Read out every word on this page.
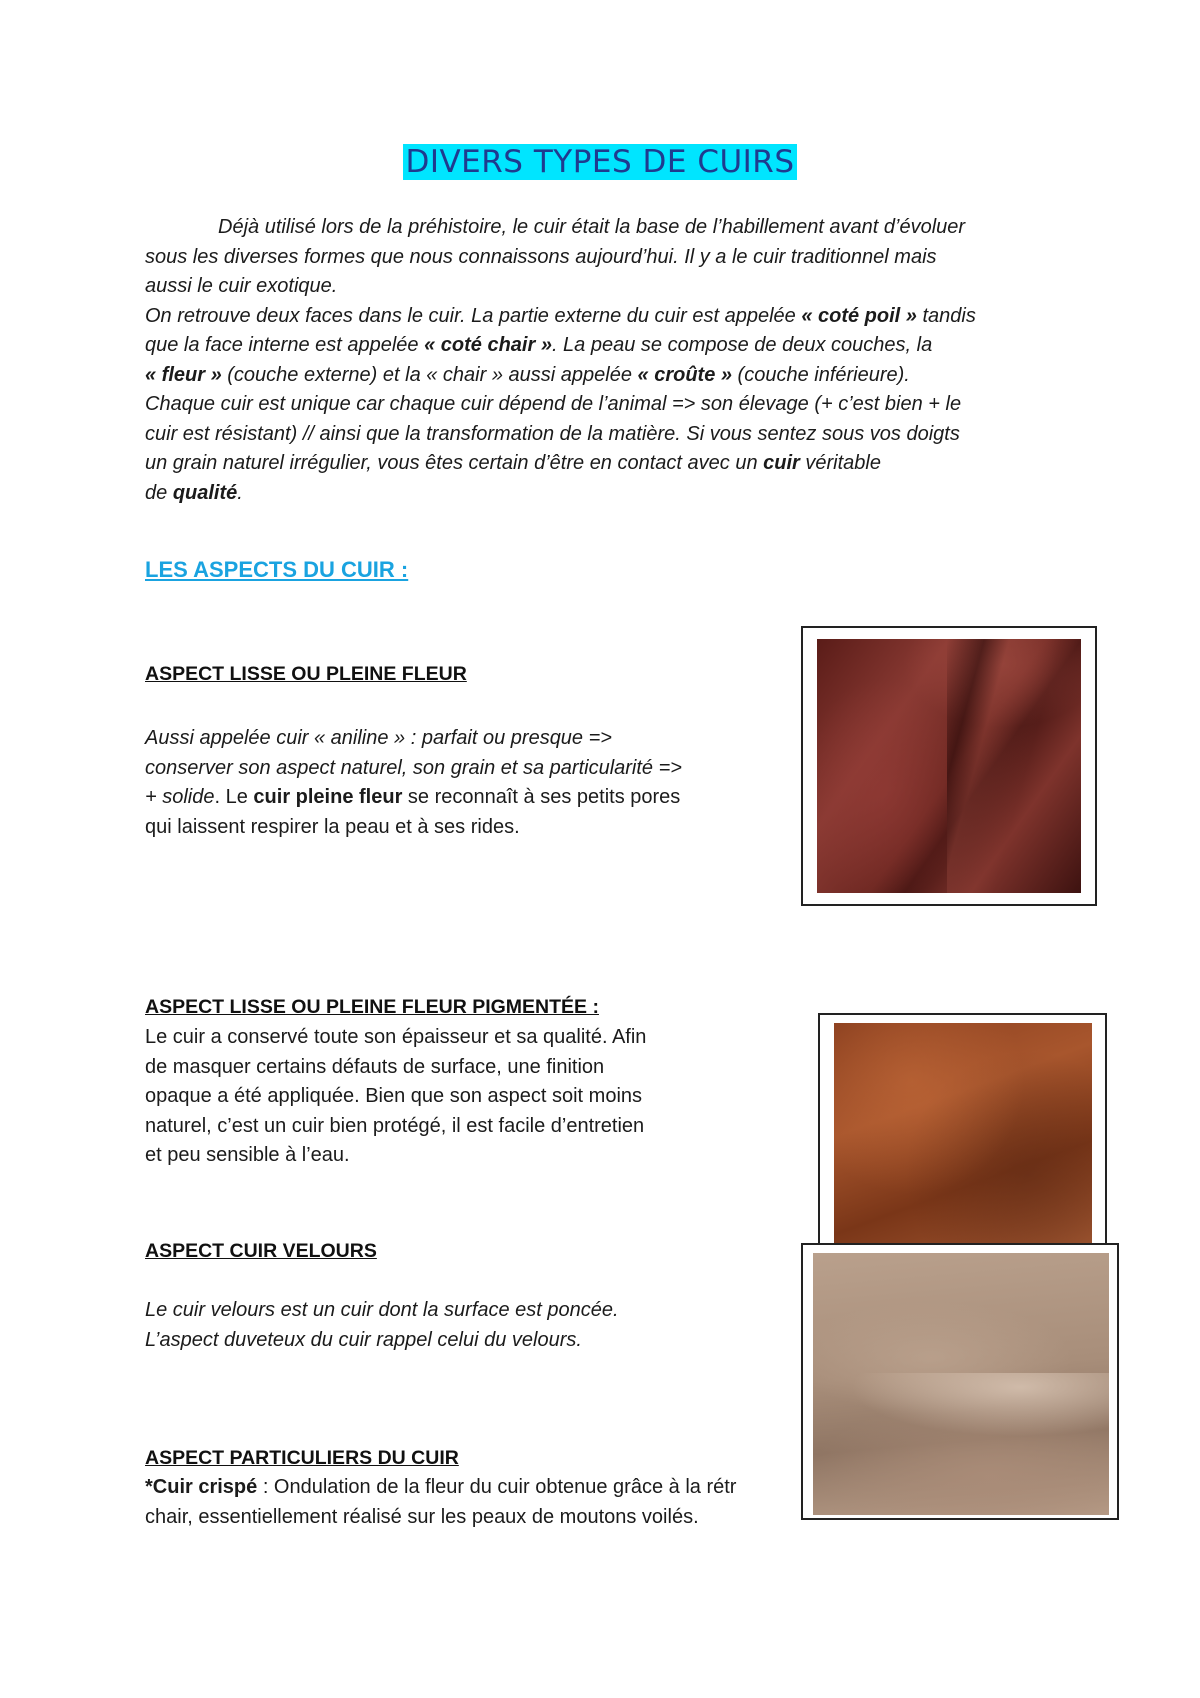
DIVERS TYPES DE CUIRS
Déjà utilisé lors de la préhistoire, le cuir était la base de l’habillement avant d’évoluer
sous les diverses formes que nous connaissons aujourd’hui. Il y a le cuir traditionnel mais
aussi le cuir exotique.
On retrouve deux faces dans le cuir. La partie externe du cuir est appelée « coté poil » tandis
que la face interne est appelée « coté chair ». La peau se compose de deux couches, la
« fleur » (couche externe) et la « chair » aussi appelée « croûte » (couche inférieure).
Chaque cuir est unique car chaque cuir dépend de l’animal => son élevage (+ c’est bien + le
cuir est résistant) // ainsi que la transformation de la matière. Si vous sentez sous vos doigts
un grain naturel irrégulier, vous êtes certain d’être en contact avec un cuir véritable
de qualité.
LES ASPECTS DU CUIR :
ASPECT LISSE OU PLEINE FLEUR
Aussi appelée cuir « aniline » : parfait ou presque =>
conserver son aspect naturel, son grain et sa particularité =>
+ solide. Le cuir pleine fleur se reconnaît à ses petits pores
qui laissent respirer la peau et à ses rides.
ASPECT LISSE OU PLEINE FLEUR PIGMENTÉE :
Le cuir a conservé toute son épaisseur et sa qualité. Afin
de masquer certains défauts de surface, une finition
opaque a été appliquée. Bien que son aspect soit moins
naturel, c’est un cuir bien protégé, il est facile d’entretien
et peu sensible à l’eau.
ASPECT CUIR VELOURS
Le cuir velours est un cuir dont la surface est poncée.
L’aspect duveteux du cuir rappel celui du velours.
ASPECT PARTICULIERS DU CUIR
*Cuir crispé : Ondulation de la fleur du cuir obtenue grâce à la rétr
chair, essentiellement réalisé sur les peaux de moutons voilés.
